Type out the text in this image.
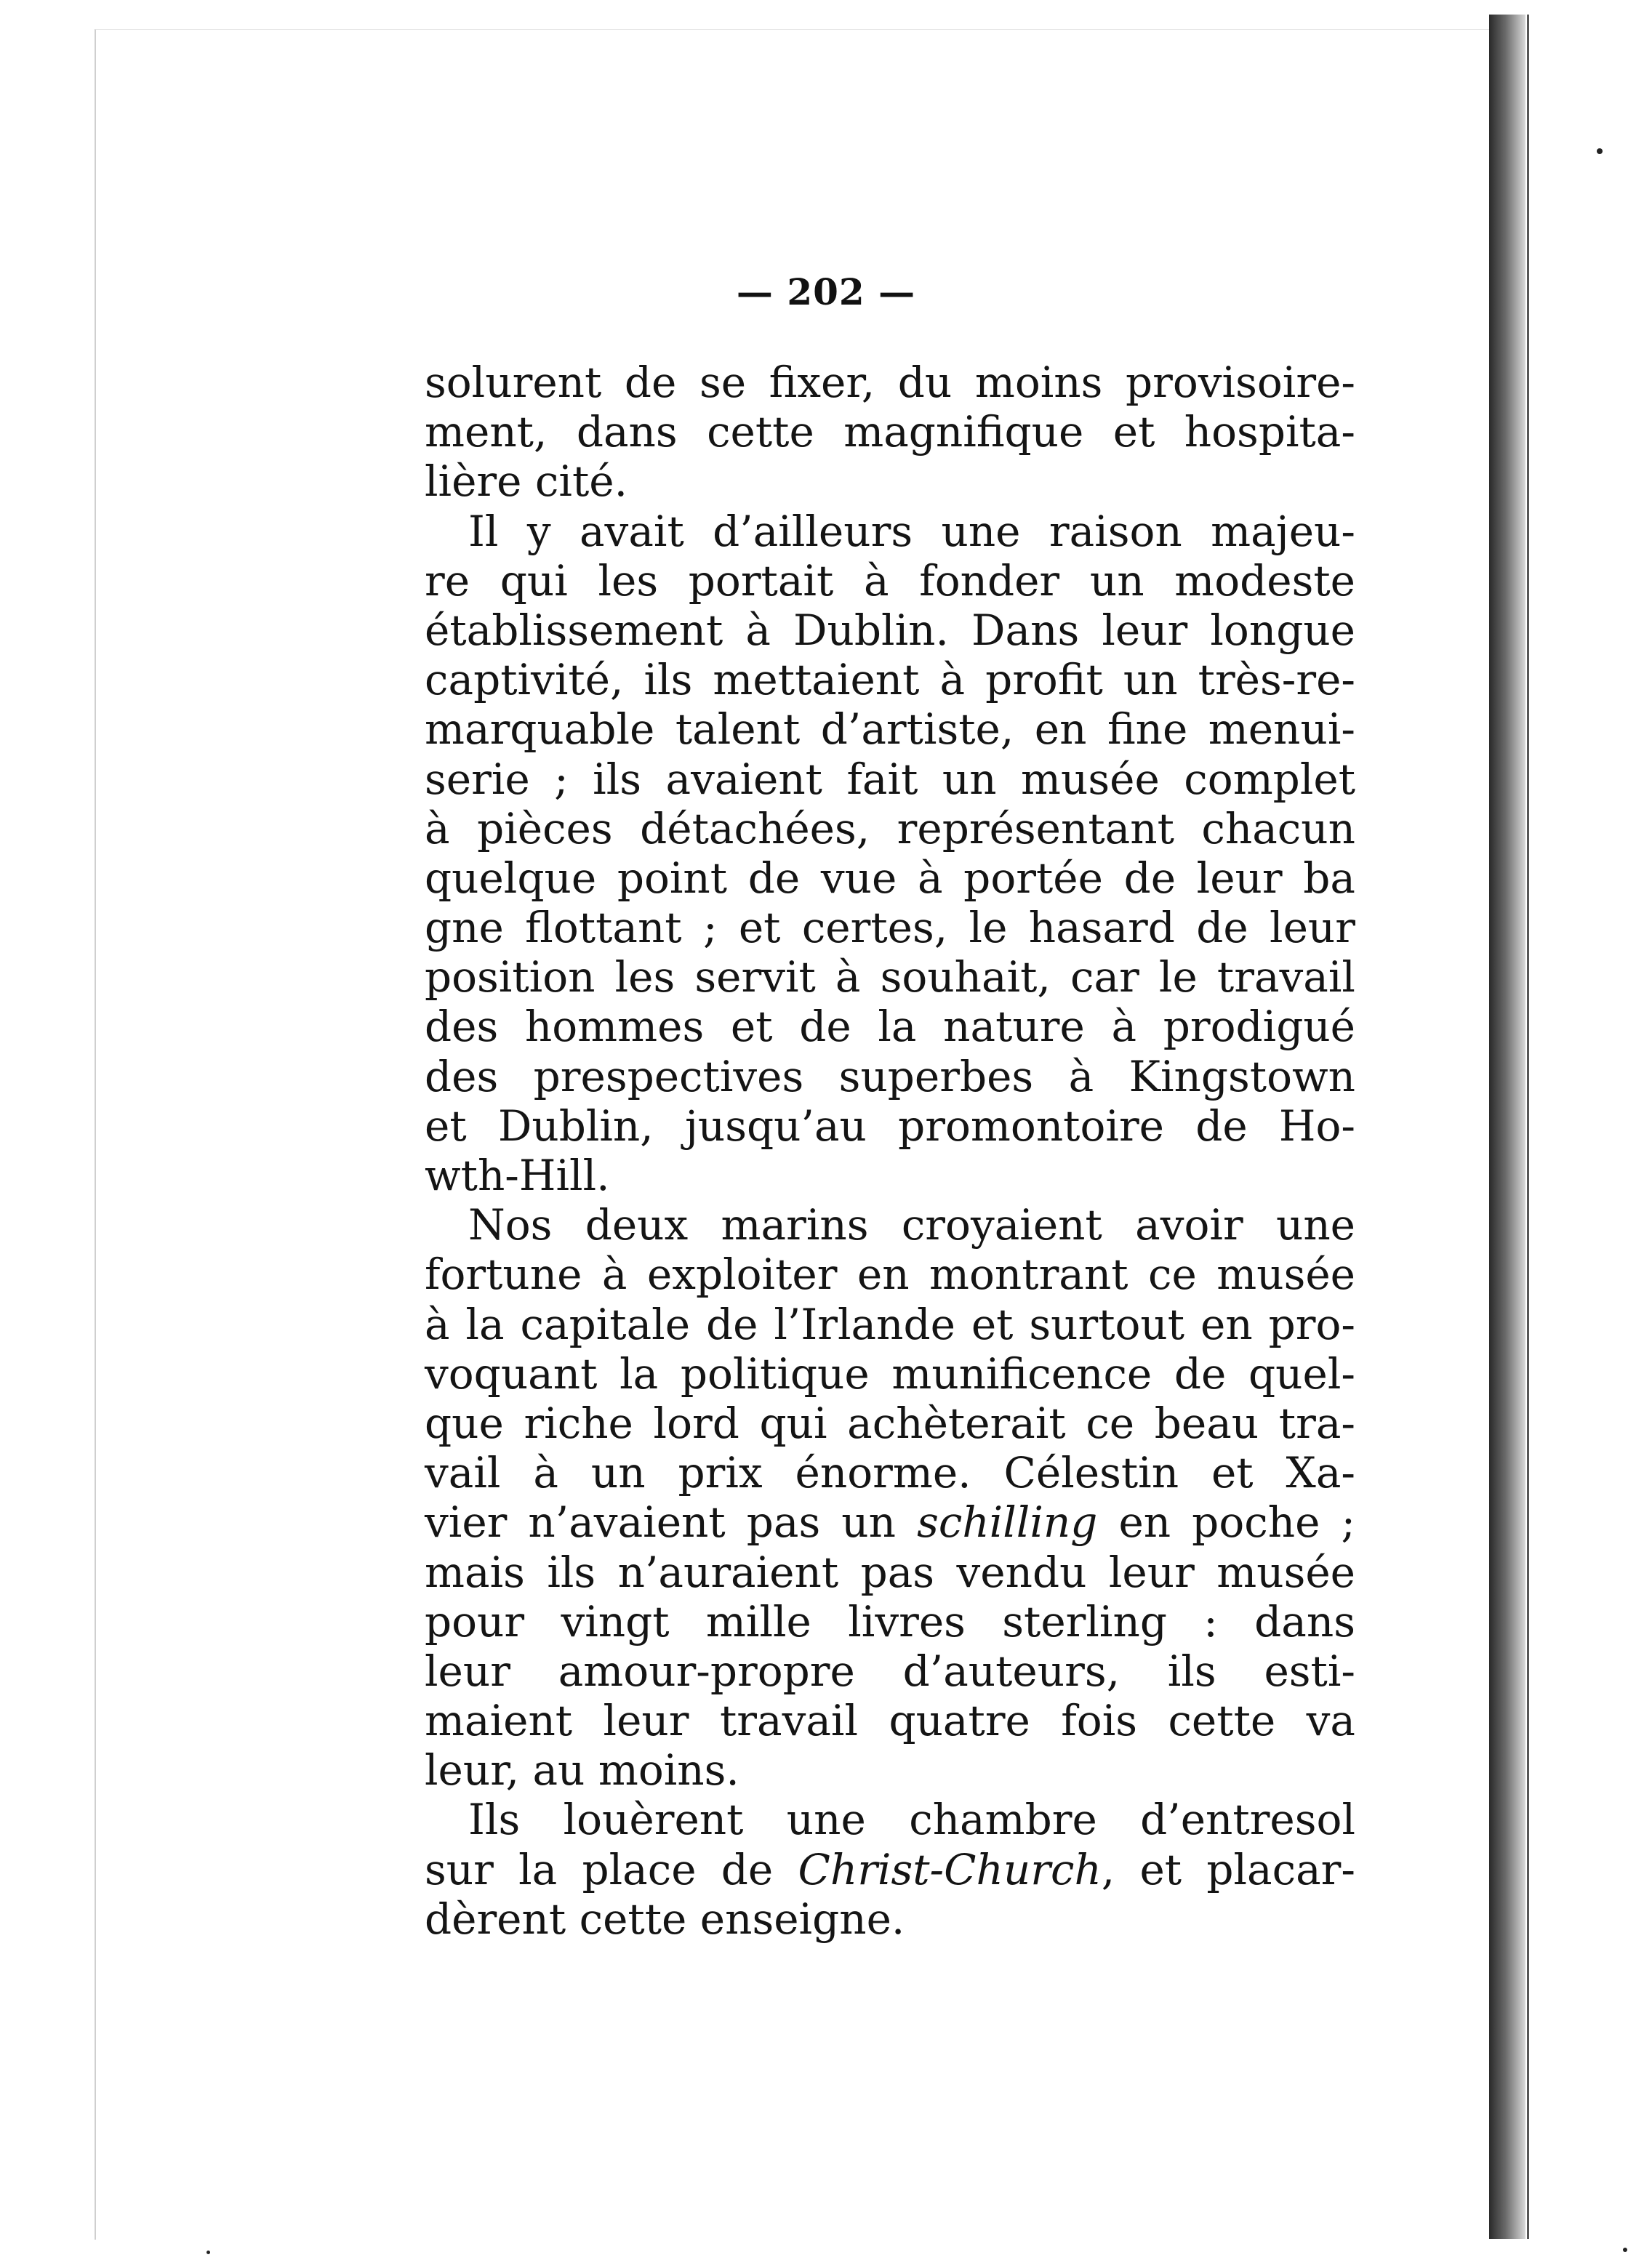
— 202 —
solurent de se fixer, du moins provisoire-
ment, dans cette magnifique et hospita-
lière cité.
Il y avait d’ailleurs une raison majeu-
re qui les portait à fonder un modeste
établissement à Dublin. Dans leur longue
captivité, ils mettaient à profit un très-re-
marquable talent d’artiste, en fine menui-
serie ; ils avaient fait un musée complet
à pièces détachées, représentant chacun
quelque point de vue à portée de leur ba
gne flottant ; et certes, le hasard de leur
position les servit à souhait, car le travail
des hommes et de la nature à prodigué
des prespectives superbes à Kingstown
et Dublin, jusqu’au promontoire de Ho-
wth-Hill.
Nos deux marins croyaient avoir une
fortune à exploiter en montrant ce musée
à la capitale de l’Irlande et surtout en pro-
voquant la politique munificence de quel-
que riche lord qui achèterait ce beau tra-
vail à un prix énorme. Célestin et Xa-
vier n’avaient pas un schilling en poche ;
mais ils n’auraient pas vendu leur musée
pour vingt mille livres sterling : dans
leur amour-propre d’auteurs, ils esti-
maient leur travail quatre fois cette va
leur, au moins.
Ils louèrent une chambre d’entresol
sur la place de Christ-Church, et placar-
dèrent cette enseigne.
